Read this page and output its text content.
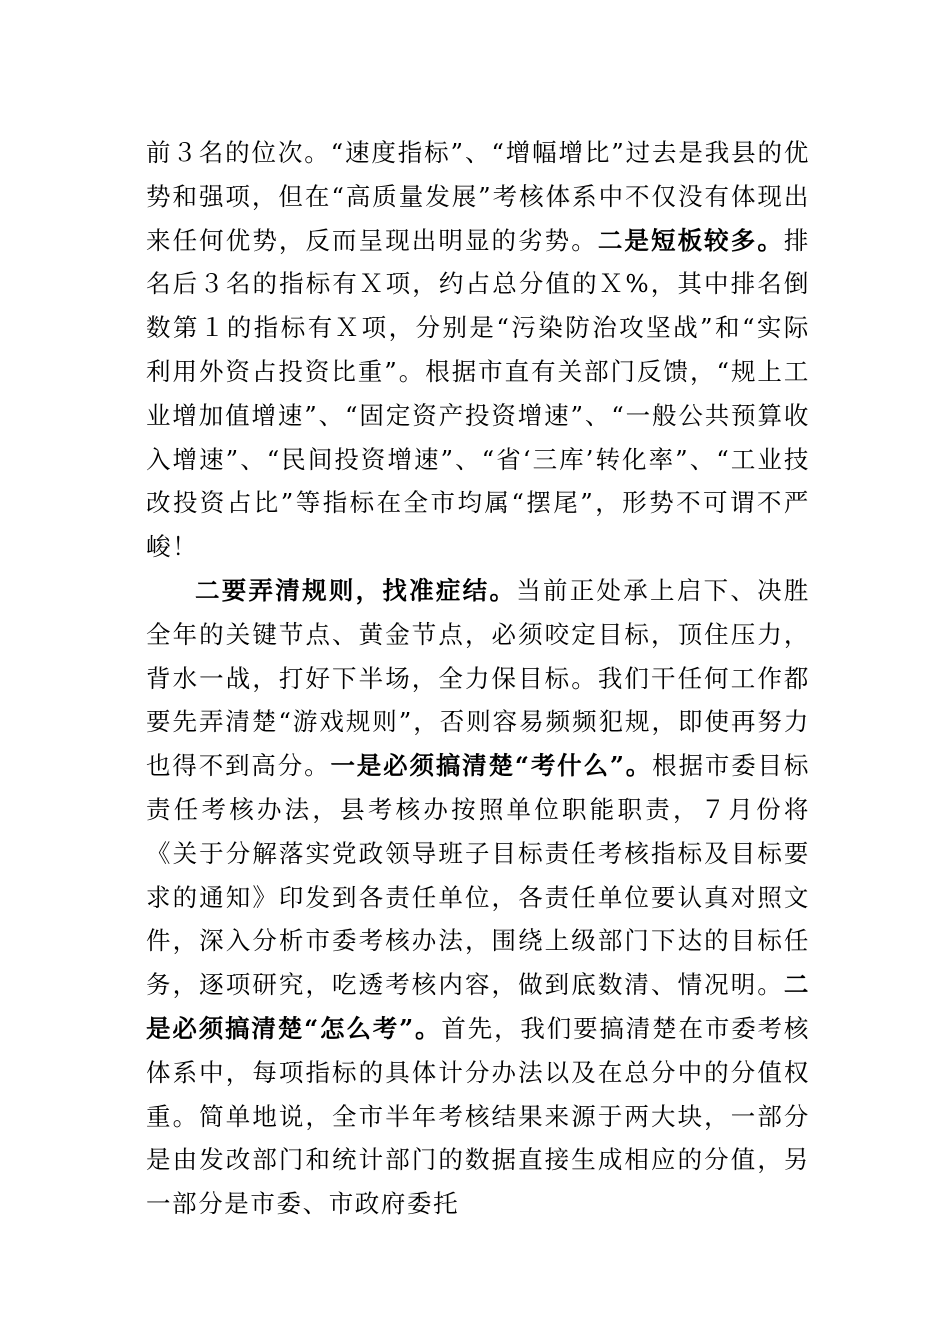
前３名的位次。“速度指标”、“增幅增比”过去是我县的优势和强项，但在“高质量发展”考核体系中不仅没有体现出来任何优势，反而呈现出明显的劣势。二是短板较多。排名后３名的指标有Ｘ项，约占总分值的Ｘ%，其中排名倒数第１的指标有Ｘ项，分别是“污染防治攻坚战”和“实际利用外资占投资比重”。根据市直有关部门反馈，“规上工业增加值增速”、“固定资产投资增速”、“一般公共预算收入增速”、“民间投资增速”、“省‘三库’转化率”、“工业技改投资占比”等指标在全市均属“摆尾”，形势不可谓不严峻！

二要弄清规则，找准症结。当前正处承上启下、决胜全年的关键节点、黄金节点，必须咬定目标，顶住压力，背水一战，打好下半场，全力保目标。我们干任何工作都要先弄清楚“游戏规则”，否则容易频频犯规，即使再努力也得不到高分。一是必须搞清楚“考什么”。根据市委目标责任考核办法，县考核办按照单位职能职责，７月份将《关于分解落实党政领导班子目标责任考核指标及目标要求的通知》印发到各责任单位，各责任单位要认真对照文件，深入分析市委考核办法，围绕上级部门下达的目标任务，逐项研究，吃透考核内容，做到底数清、情况明。二是必须搞清楚“怎么考”。首先，我们要搞清楚在市委考核体系中，每项指标的具体计分办法以及在总分中的分值权重。简单地说，全市半年考核结果来源于两大块，一部分是由发改部门和统计部门的数据直接生成相应的分值，另一部分是市委、市政府委托
